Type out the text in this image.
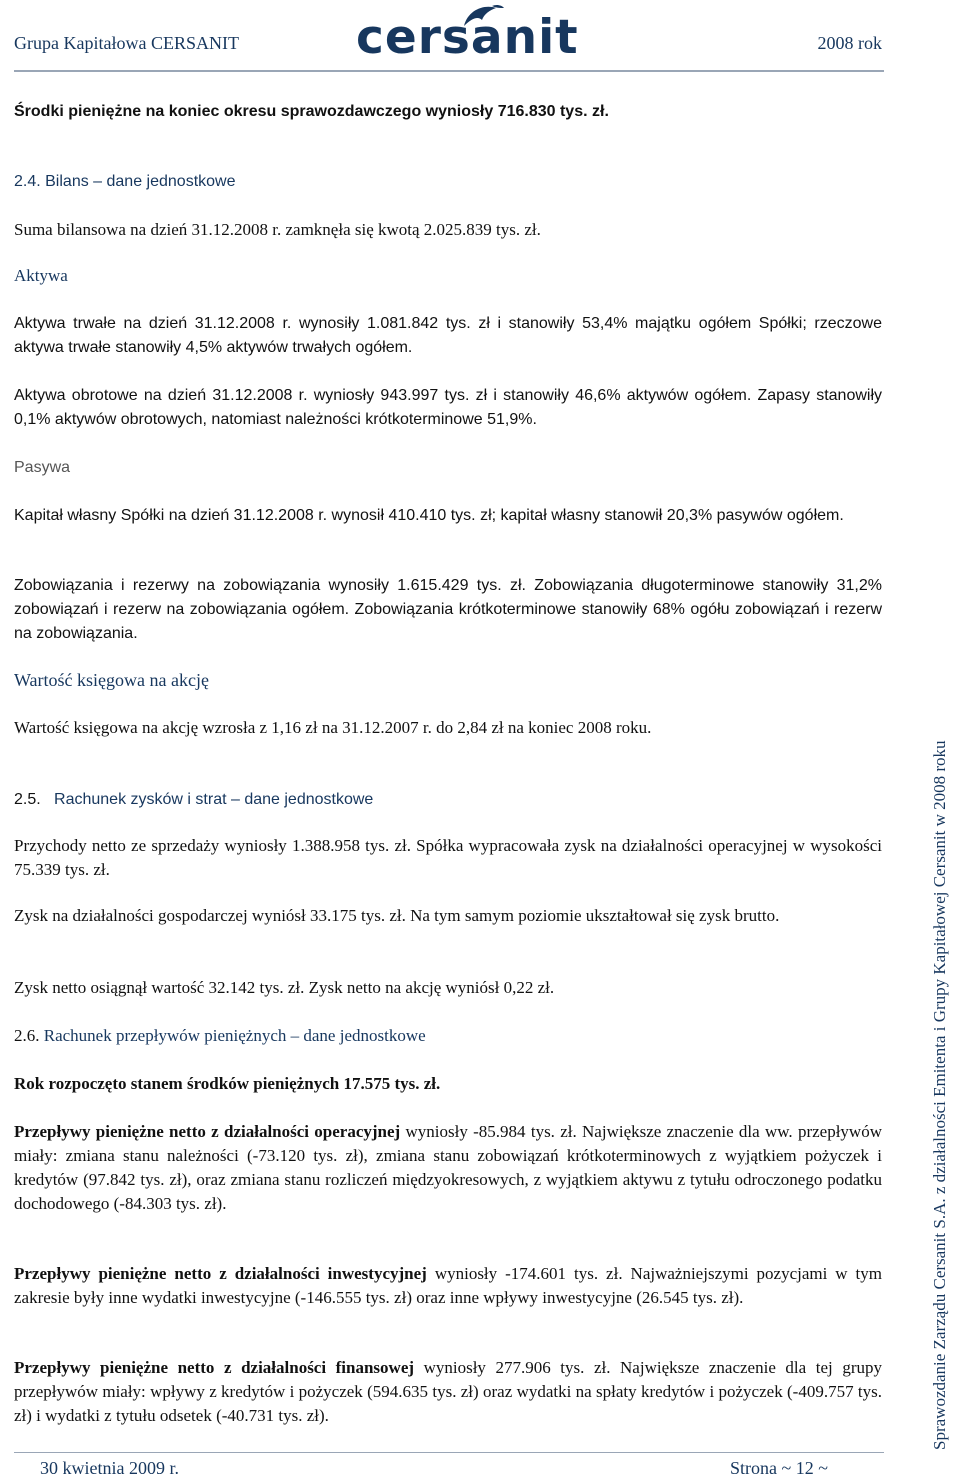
Grupa Kapitałowa CERSANIT cersanit	2008 rok
Środki pieniężne na koniec okresu sprawozdawczego wyniosły 716.830 tys. zł.
2.4. Bilans – dane jednostkowe
Suma bilansowa na dzień 31.12.2008 r. zamknęła się kwotą 2.025.839 tys. zł.
Aktywa
Aktywa trwałe na dzień 31.12.2008 r. wynosiły 1.081.842 tys. zł i stanowiły 53,4% majątku ogółem Spółki; rzeczowe aktywa trwałe stanowiły 4,5% aktywów trwałych ogółem.
Aktywa obrotowe na dzień 31.12.2008 r. wyniosły 943.997 tys. zł i stanowiły 46,6% aktywów ogółem. Zapasy stanowiły 0,1% aktywów obrotowych, natomiast należności krótkoterminowe 51,9%.
Pasywa
Kapitał własny Spółki na dzień 31.12.2008 r. wynosił 410.410 tys. zł; kapitał własny stanowił 20,3% pasywów ogółem.
Zobowiązania i rezerwy na zobowiązania wynosiły 1.615.429 tys. zł. Zobowiązania długoterminowe stanowiły 31,2% zobowiązań i rezerw na zobowiązania ogółem. Zobowiązania krótkoterminowe stanowiły 68% ogółu zobowiązań i rezerw na zobowiązania.
Wartość księgowa na akcję
Wartość księgowa na akcję wzrosła z 1,16 zł na 31.12.2007 r. do 2,84 zł na koniec 2008 roku.
2.5. Rachunek zysków i strat – dane jednostkowe
Przychody netto ze sprzedaży wyniosły 1.388.958 tys. zł. Spółka wypracowała zysk na działalności operacyjnej w wysokości 75.339 tys. zł.
Zysk na działalności gospodarczej wyniósł 33.175 tys. zł. Na tym samym poziomie ukształtował się zysk brutto.
Zysk netto osiągnął wartość 32.142 tys. zł. Zysk netto na akcję wyniósł 0,22 zł.
2.6. Rachunek przepływów pieniężnych – dane jednostkowe
Rok rozpoczęto stanem środków pieniężnych 17.575 tys. zł.
Przepływy pieniężne netto z działalności operacyjnej wyniosły -85.984 tys. zł. Największe znaczenie dla ww. przepływów miały: zmiana stanu należności (-73.120 tys. zł), zmiana stanu zobowiązań krótkoterminowych z wyjątkiem pożyczek i kredytów (97.842 tys. zł), oraz zmiana stanu rozliczeń międzyokresowych, z wyjątkiem aktywu z tytułu odroczonego podatku dochodowego (-84.303 tys. zł).
Przepływy pieniężne netto z działalności inwestycyjnej wyniosły -174.601 tys. zł. Najważniejszymi pozycjami w tym zakresie były inne wydatki inwestycyjne (-146.555 tys. zł) oraz inne wpływy inwestycyjne (26.545 tys. zł).
Przepływy pieniężne netto z działalności finansowej wyniosły 277.906 tys. zł. Największe znaczenie dla tej grupy przepływów miały: wpływy z kredytów i pożyczek (594.635 tys. zł) oraz wydatki na spłaty kredytów i pożyczek (-409.757 tys. zł) i wydatki z tytułu odsetek (-40.731 tys. zł).	Sprawozdanie Zarządu Cersanit S.A. z działalności Emitenta i Grupy Kapitałowej Cersanit w 2008 roku
30 kwietnia 2009 r.	Strona ~ 12 ~
